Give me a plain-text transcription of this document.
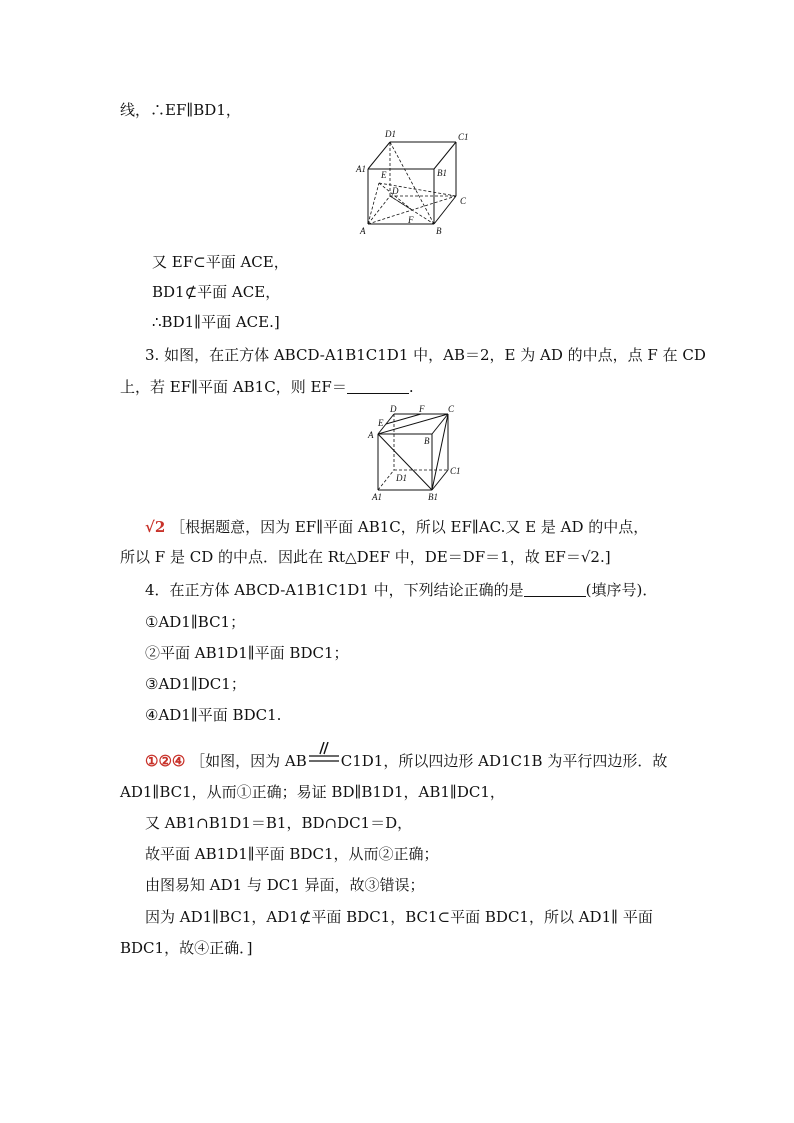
线，∴EF∥BD1，
D1	C1
A1	B1
E
D
C
A
F
B
又 EF⊂平面 ACE，
BD1⊄平面 ACE，
∴BD1∥平面 ACE.]
3. 如图，在正方体 ABCD-A1B1C1D1 中，AB＝2，E 为 AD 的中点，点 F 在 CD
上，若 EF∥平面 AB1C，则 EF＝	.
D	F	C
E
A
B
C1
D1
A1	B1
√2 ［根据题意，因为 EF∥平面 AB1C，所以 EF∥AC.又 E 是 AD 的中点，
所以 F 是 CD 的中点．因此在 Rt△DEF 中，DE＝DF＝1，故 EF＝√2.]
4．在正方体 ABCD-A1B1C1D1 中，下列结论正确的是	(填序号)．
①AD1∥BC1；
②平面 AB1D1∥平面 BDC1；
③AD1∥DC1；
④AD1∥平面 BDC1.
①②④ ［如图，因为 AB C1D1，所以四边形 AD1C1B 为平行四边形．故
AD1∥BC1，从而①正确；易证 BD∥B1D1，AB1∥DC1，
又 AB1∩B1D1＝B1，BD∩DC1＝D，
故平面 AB1D1∥平面 BDC1，从而②正确；
由图易知 AD1 与 DC1 异面，故③错误；
因为 AD1∥BC1，AD1⊄平面 BDC1，BC1⊂平面 BDC1，所以 AD1∥ 平面
BDC1，故④正确．]
